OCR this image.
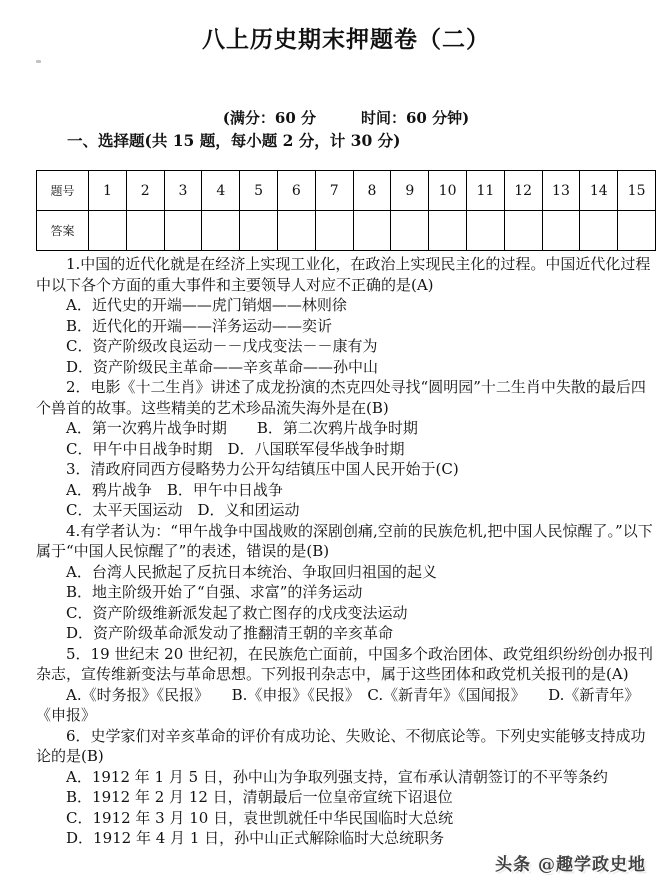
八上历史期末押题卷（二）
(满分：60 分　　　时间：60 分钟)
一、选择题(共 15 题，每小题 2 分，计 30 分)
题号	1	2	3	4	5	6	7	8	9	10	11	12	13	14	15
答案															

1.中国的近代化就是在经济上实现工业化，在政治上实现民主化的过程。中国近代化过程中以下各个方面的重大事件和主要领导人对应不正确的是(A)

A．近代史的开端——虎门销烟——林则徐

B．近代化的开端——洋务运动——奕䜣

C．资产阶级改良运动－－戊戌变法－－康有为

D．资产阶级民主革命——辛亥革命——孙中山

2．电影《十二生肖》讲述了成龙扮演的杰克四处寻找“圆明园”十二生肖中失散的最后四个兽首的故事。这些精美的艺术珍品流失海外是在(B)

A．第一次鸦片战争时期　　B．第二次鸦片战争时期

C．甲午中日战争时期　D．八国联军侵华战争时期

3．清政府同西方侵略势力公开勾结镇压中国人民开始于(C)

A．鸦片战争　B．甲午中日战争

C．太平天国运动　D．义和团运动

4.有学者认为：“甲午战争中国战败的深剧创痛,空前的民族危机,把中国人民惊醒了。”以下属于“中国人民惊醒了”的表述，错误的是(B)

A．台湾人民掀起了反抗日本统治、争取回归祖国的起义

B．地主阶级开始了“自强、求富”的洋务运动

C．资产阶级维新派发起了救亡图存的戊戌变法运动

D．资产阶级革命派发动了推翻清王朝的辛亥革命

5．19 世纪末 20 世纪初，在民族危亡面前，中国多个政治团体、政党组织纷纷创办报刊杂志，宣传维新变法与革命思想。下列报刊杂志中，属于这些团体和政党机关报刊的是(A)

A.《时务报》《民报》　　B.《申报》《民报》　C.《新青年》《国闻报》　　D.《新青年》《申报》

6．史学家们对辛亥革命的评价有成功论、失败论、不彻底论等。下列史实能够支持成功论的是(B)

A．1912 年 1 月 5 日，孙中山为争取列强支持，宣布承认清朝签订的不平等条约

B．1912 年 2 月 12 日，清朝最后一位皇帝宣统下诏退位

C．1912 年 3 月 10 日，袁世凯就任中华民国临时大总统

D．1912 年 4 月 1 日，孙中山正式解除临时大总统职务

头条 @趣学政史地
